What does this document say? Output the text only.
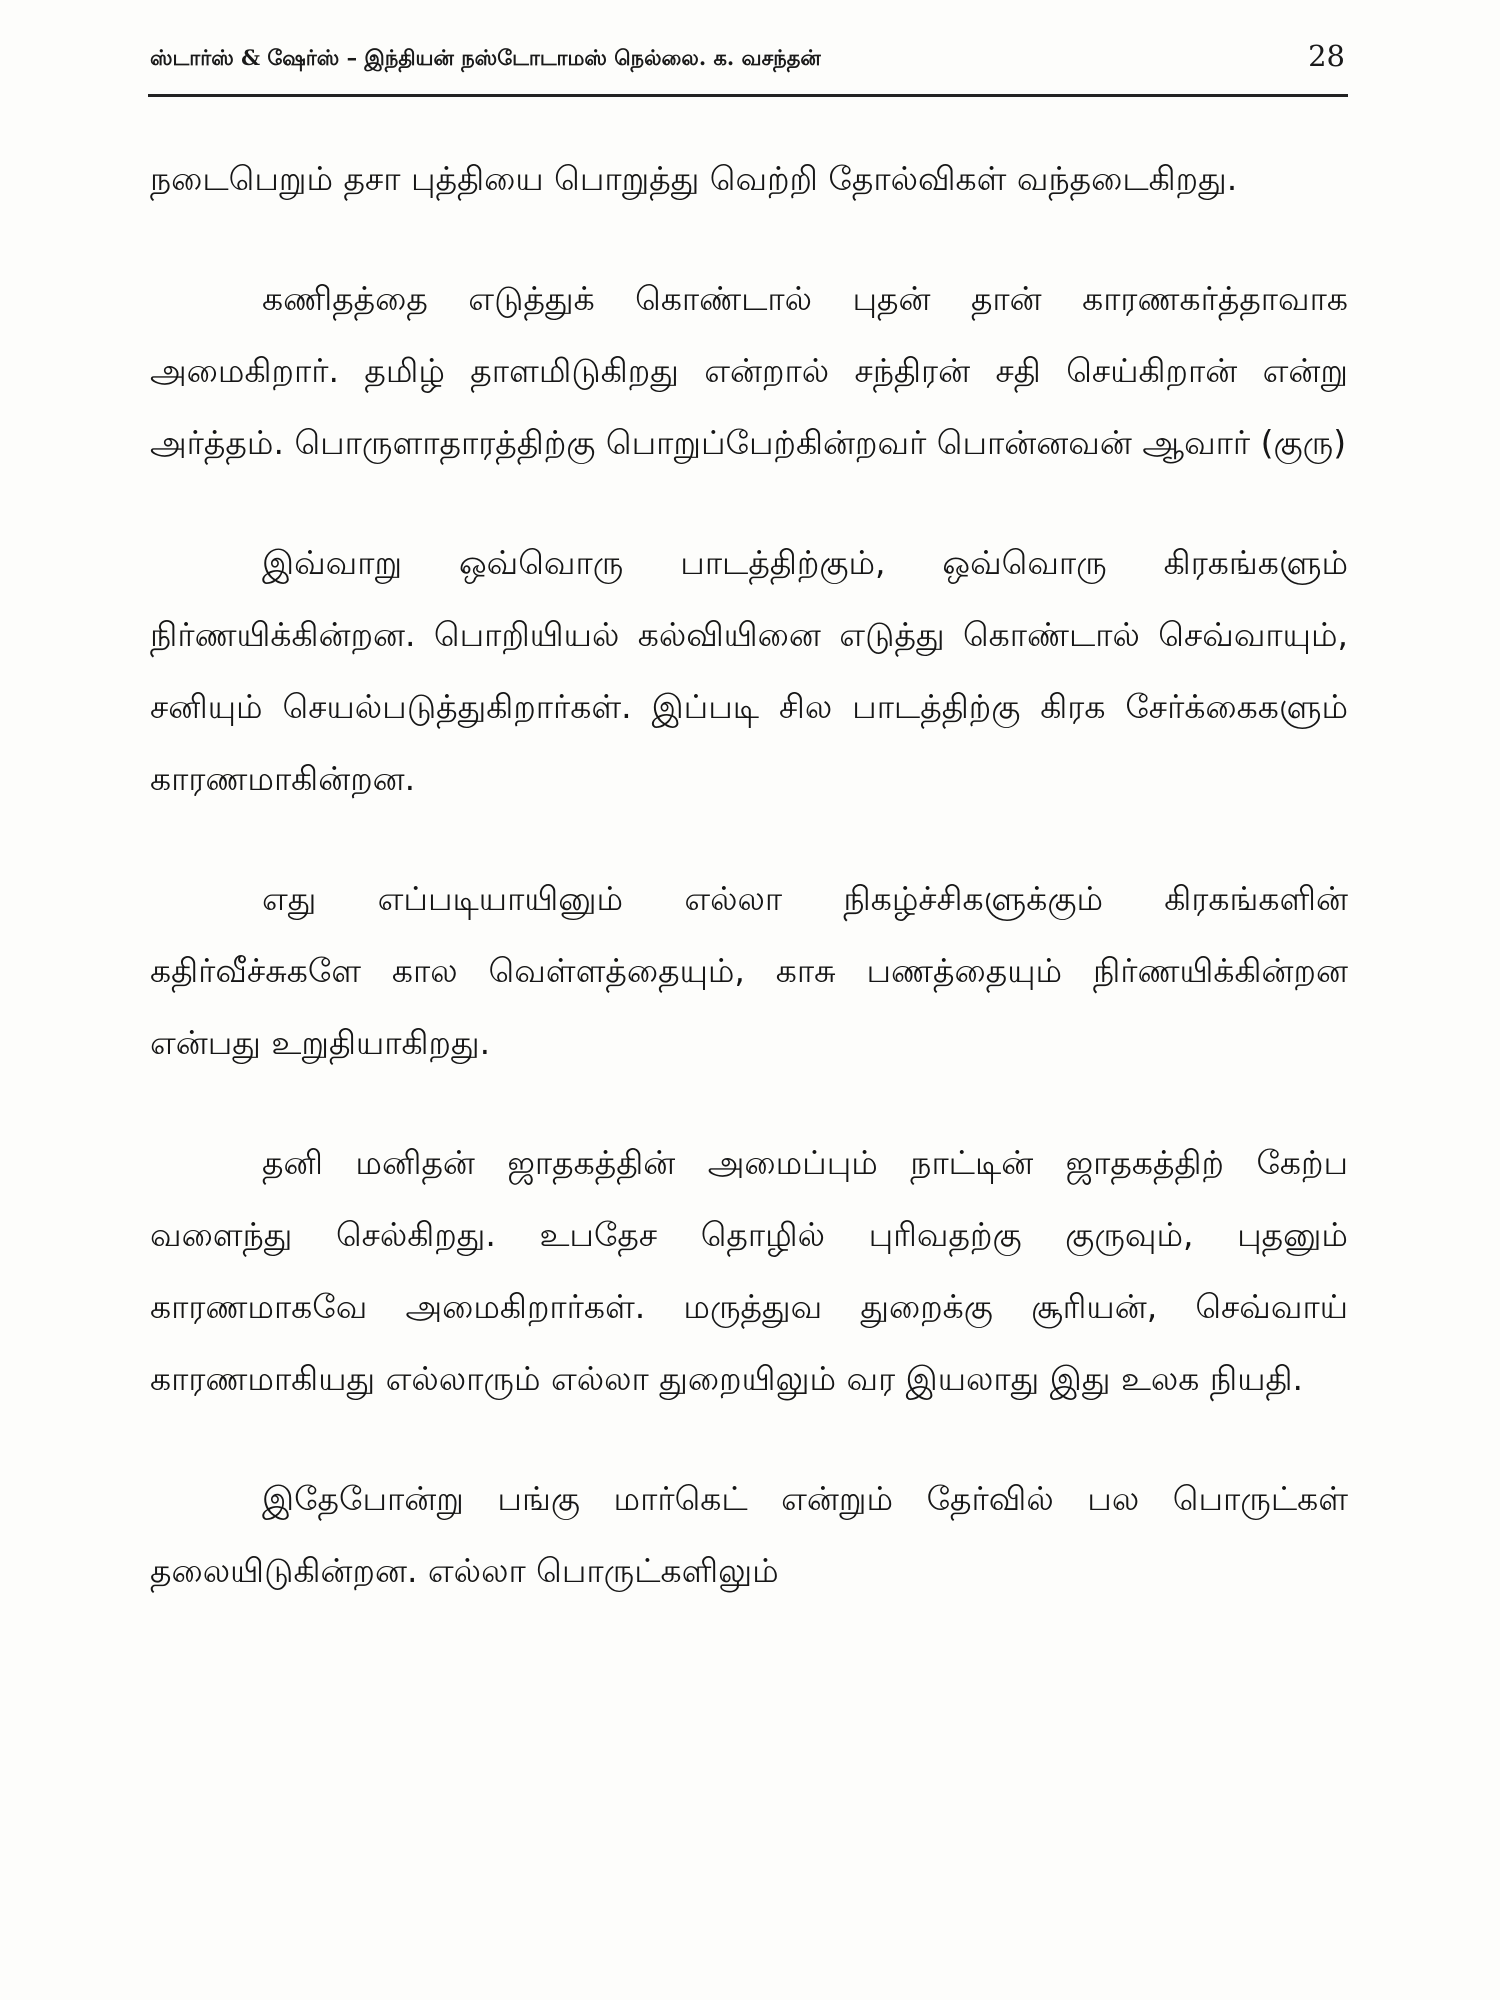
ஸ்டார்ஸ் & ஷேர்ஸ் – இந்தியன் நஸ்டோடாமஸ் நெல்லை. க. வசந்தன்	28

நடைபெறும் தசா புத்தியை பொறுத்து வெற்றி தோல்விகள் வந்தடைகிறது.

கணிதத்தை எடுத்துக் கொண்டால் புதன் தான் காரணகர்த்தாவாக அமைகிறார். தமிழ் தாளமிடுகிறது என்றால் சந்திரன் சதி செய்கிறான் என்று அர்த்தம். பொருளாதாரத்திற்கு பொறுப்பேற்கின்றவர் பொன்னவன் ஆவார் (குரு)

இவ்வாறு ஒவ்வொரு பாடத்திற்கும், ஒவ்வொரு கிரகங்களும் நிர்ணயிக்கின்றன. பொறியியல் கல்வியினை எடுத்து கொண்டால் செவ்வாயும், சனியும் செயல்படுத்துகிறார்கள். இப்படி சில பாடத்திற்கு கிரக சேர்க்கைகளும் காரணமாகின்றன.

எது எப்படியாயினும் எல்லா நிகழ்ச்சிகளுக்கும் கிரகங்களின் கதிர்வீச்சுகளே கால வெள்ளத்தையும், காசு பணத்தையும் நிர்ணயிக்கின்றன என்பது உறுதியாகிறது.

தனி மனிதன் ஜாதகத்தின் அமைப்பும் நாட்டின் ஜாதகத்திற் கேற்ப வளைந்து செல்கிறது. உபதேச தொழில் புரிவதற்கு குருவும், புதனும் காரணமாகவே அமைகிறார்கள். மருத்துவ துறைக்கு சூரியன், செவ்வாய் காரணமாகியது எல்லாரும் எல்லா துறையிலும் வர இயலாது இது உலக நியதி.

இதேபோன்று பங்கு மார்கெட் என்றும் தேர்வில் பல பொருட்கள் தலையிடுகின்றன. எல்லா பொருட்களிலும்
